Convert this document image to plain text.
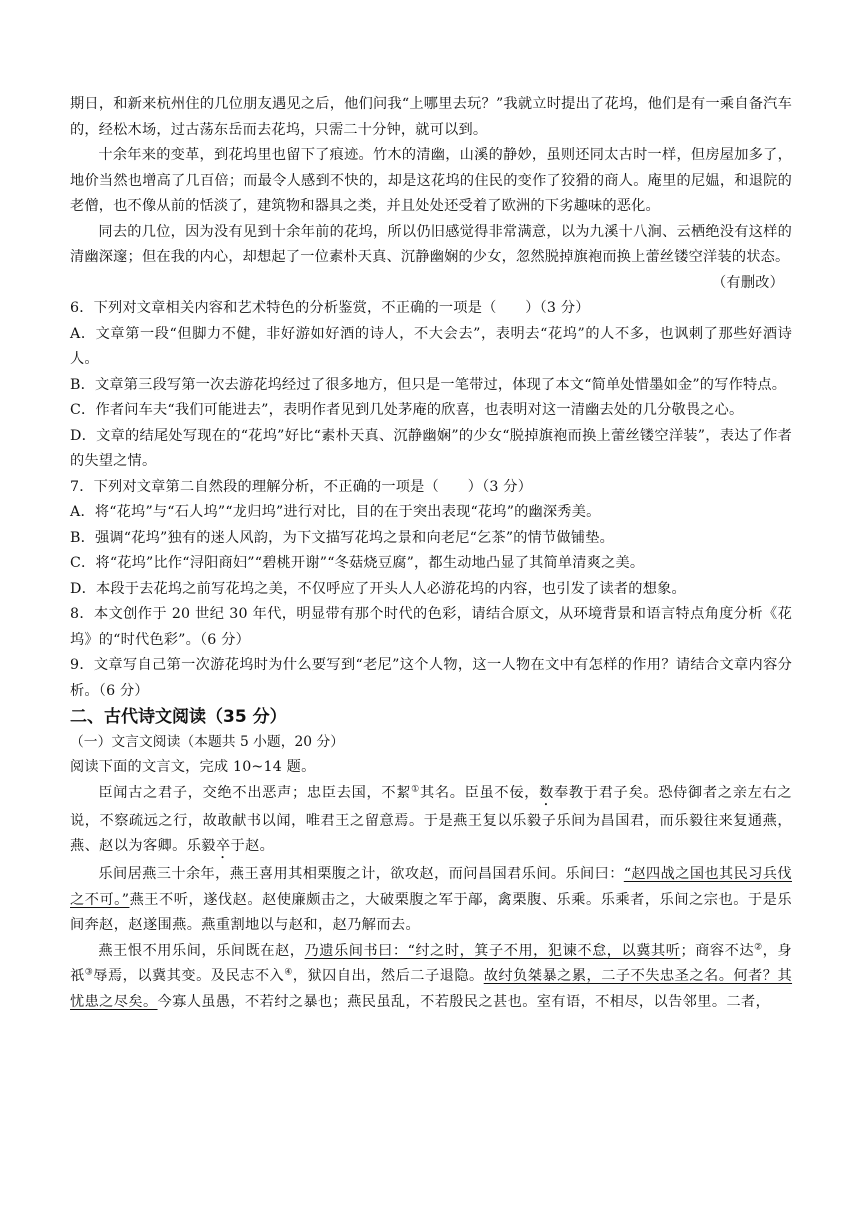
期日，和新来杭州住的几位朋友遇见之后，他们问我“上哪里去玩？”我就立时提出了花坞，他们是有一乘自备汽车的，经松木场，过古荡东岳而去花坞，只需二十分钟，就可以到。

十余年来的变革，到花坞里也留下了痕迹。竹木的清幽，山溪的静妙，虽则还同太古时一样，但房屋加多了，地价当然也增高了几百倍；而最令人感到不快的，却是这花坞的住民的变作了狡猾的商人。庵里的尼媪，和退院的老僧，也不像从前的恬淡了，建筑物和器具之类，并且处处还受着了欧洲的下劣趣味的恶化。

同去的几位，因为没有见到十余年前的花坞，所以仍旧感觉得非常满意，以为九溪十八涧、云栖绝没有这样的清幽深邃；但在我的内心，却想起了一位素朴天真、沉静幽娴的少女，忽然脱掉旗袍而换上蕾丝镂空洋装的状态。

（有删改）

6．下列对文章相关内容和艺术特色的分析鉴赏，不正确的一项是（　　）（3 分）

A．文章第一段“但脚力不健，非好游如好酒的诗人，不大会去”，表明去“花坞”的人不多，也讽刺了那些好酒诗人。

B．文章第三段写第一次去游花坞经过了很多地方，但只是一笔带过，体现了本文“简单处惜墨如金”的写作特点。

C．作者问车夫“我们可能进去”，表明作者见到几处茅庵的欣喜，也表明对这一清幽去处的几分敬畏之心。

D．文章的结尾处写现在的“花坞”好比“素朴天真、沉静幽娴”的少女“脱掉旗袍而换上蕾丝镂空洋装”，表达了作者的失望之情。

7．下列对文章第二自然段的理解分析，不正确的一项是（　　）（3 分）

A．将“花坞”与“石人坞”“龙归坞”进行对比，目的在于突出表现“花坞”的幽深秀美。

B．强调“花坞”独有的迷人风韵，为下文描写花坞之景和向老尼“乞茶”的情节做铺垫。

C．将“花坞”比作“浔阳商妇”“碧桃开谢”“冬菇烧豆腐”，都生动地凸显了其简单清爽之美。

D．本段于去花坞之前写花坞之美，不仅呼应了开头人人必游花坞的内容，也引发了读者的想象。

8．本文创作于 20 世纪 30 年代，明显带有那个时代的色彩，请结合原文，从环境背景和语言特点角度分析《花坞》的“时代色彩”。（6 分）

9．文章写自己第一次游花坞时为什么要写到“老尼”这个人物，这一人物在文中有怎样的作用？请结合文章内容分析。（6 分）

二、古代诗文阅读（35 分）

（一）文言文阅读（本题共 5 小题，20 分）

阅读下面的文言文，完成 10~14 题。

臣闻古之君子，交绝不出恶声；忠臣去国，不絜①其名。臣虽不佞，数奉教于君子矣。恐侍御者之亲左右之说，不察疏远之行，故敢献书以闻，唯君王之留意焉。于是燕王复以乐毅子乐间为昌国君，而乐毅往来复通燕，燕、赵以为客卿。乐毅卒于赵。

乐间居燕三十余年，燕王喜用其相栗腹之计，欲攻赵，而问昌国君乐间。乐间曰：“赵四战之国也其民习兵伐之不可。”燕王不听，遂伐赵。赵使廉颇击之，大破栗腹之军于鄗，禽栗腹、乐乘。乐乘者，乐间之宗也。于是乐间奔赵，赵遂围燕。燕重割地以与赵和，赵乃解而去。

燕王恨不用乐间，乐间既在赵，乃遗乐间书曰：“纣之时，箕子不用，犯谏不怠，以冀其听；商容不达②，身祇③辱焉，以冀其变。及民志不入④，狱囚自出，然后二子退隐。故纣负桀暴之累，二子不失忠圣之名。何者？其忧患之尽矣。今寡人虽愚，不若纣之暴也；燕民虽乱，不若殷民之甚也。室有语，不相尽，以告邻里。二者，
